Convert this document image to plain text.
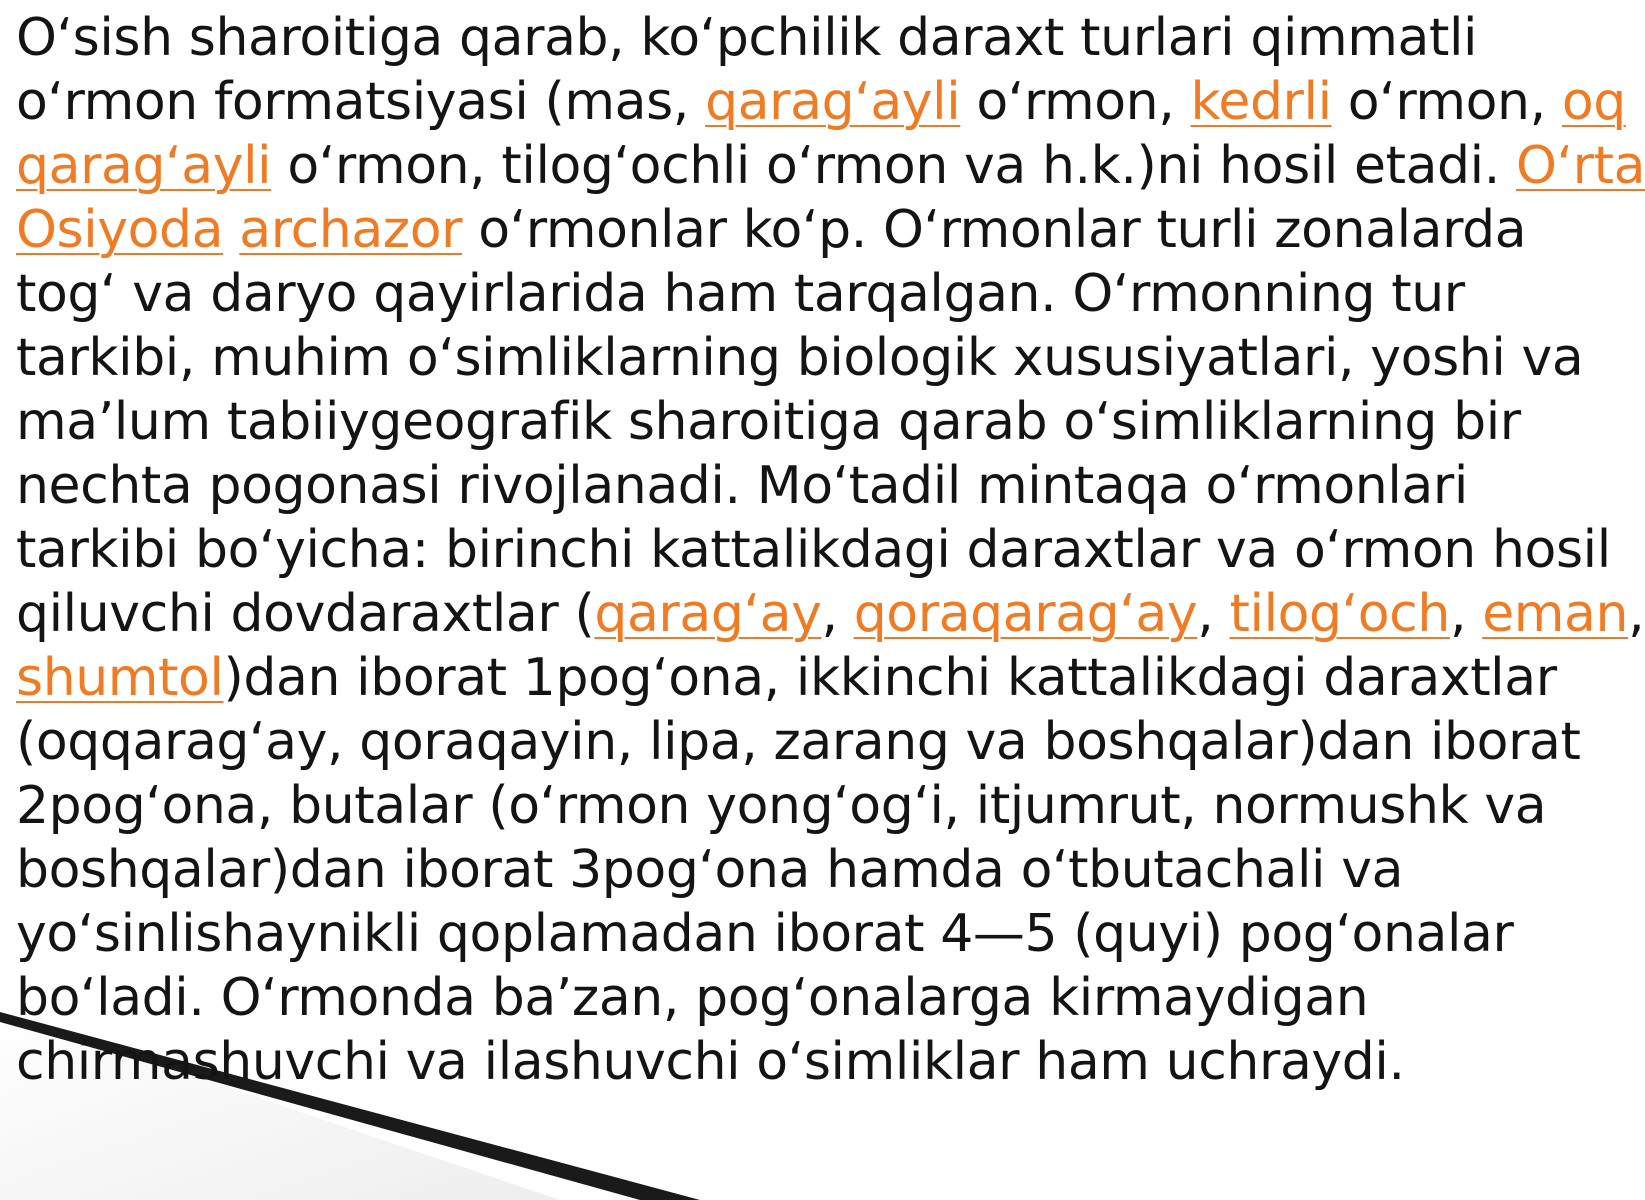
O‘sish sharoitiga qarab, ko‘pchilik daraxt turlari qimmatli
o‘rmon formatsiyasi (mas, qarag‘ayli o‘rmon, kedrli o‘rmon, oq
qarag‘ayli o‘rmon, tilog‘ochli o‘rmon va h.k.)ni hosil etadi. O‘rta
Osiyoda archazor o‘rmonlar ko‘p. O‘rmonlar turli zonalarda
tog‘ va daryo qayirlarida ham tarqalgan. O‘rmonning tur
tarkibi, muhim o‘simliklarning biologik xususiyatlari, yoshi va
ma’lum tabiiygeografik sharoitiga qarab o‘simliklarning bir
nechta pogonasi rivojlanadi. Mo‘tadil mintaqa o‘rmonlari
tarkibi bo‘yicha: birinchi kattalikdagi daraxtlar va o‘rmon hosil
qiluvchi dovdaraxtlar (qarag‘ay, qoraqarag‘ay, tilog‘och, eman,
shumtol)dan iborat 1pog‘ona, ikkinchi kattalikdagi daraxtlar
(oqqarag‘ay, qoraqayin, lipa, zarang va boshqalar)dan iborat
2pog‘ona, butalar (o‘rmon yong‘og‘i, itjumrut, normushk va
boshqalar)dan iborat 3pog‘ona hamda o‘tbutachali va
yo‘sinlishaynikli qoplamadan iborat 4—5 (quyi) pog‘onalar
bo‘ladi. O‘rmonda ba’zan, pog‘onalarga kirmaydigan
chirmashuvchi va ilashuvchi o‘simliklar ham uchraydi.
